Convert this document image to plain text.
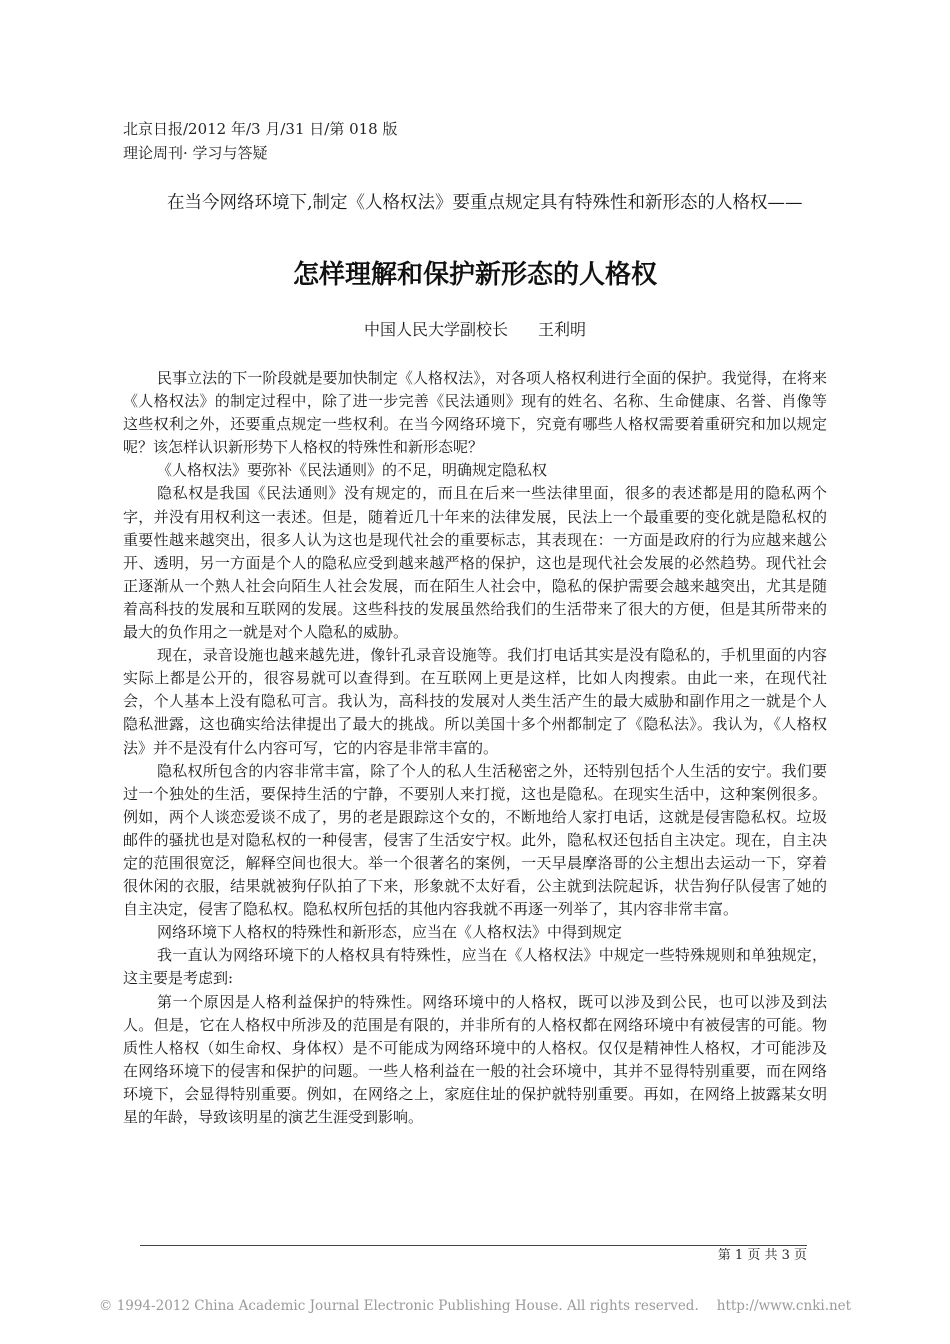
北京日报/2012 年/3 月/31 日/第 018 版
理论周刊· 学习与答疑
在当今网络环境下,制定《人格权法》要重点规定具有特殊性和新形态的人格权——
怎样理解和保护新形态的人格权
中国人民大学副校长 王利明

民事立法的下一阶段就是要加快制定《人格权法》，对各项人格权利进行全面的保护。我觉得，在将来《人格权法》的制定过程中，除了进一步完善《民法通则》现有的姓名、名称、生命健康、名誉、肖像等这些权利之外，还要重点规定一些权利。在当今网络环境下，究竟有哪些人格权需要着重研究和加以规定呢？该怎样认识新形势下人格权的特殊性和新形态呢？

《人格权法》要弥补《民法通则》的不足，明确规定隐私权

隐私权是我国《民法通则》没有规定的，而且在后来一些法律里面，很多的表述都是用的隐私两个字，并没有用权利这一表述。但是，随着近几十年来的法律发展，民法上一个最重要的变化就是隐私权的重要性越来越突出，很多人认为这也是现代社会的重要标志，其表现在：一方面是政府的行为应越来越公开、透明，另一方面是个人的隐私应受到越来越严格的保护，这也是现代社会发展的必然趋势。现代社会正逐渐从一个熟人社会向陌生人社会发展，而在陌生人社会中，隐私的保护需要会越来越突出，尤其是随着高科技的发展和互联网的发展。这些科技的发展虽然给我们的生活带来了很大的方便，但是其所带来的最大的负作用之一就是对个人隐私的威胁。

现在，录音设施也越来越先进，像针孔录音设施等。我们打电话其实是没有隐私的，手机里面的内容实际上都是公开的，很容易就可以查得到。在互联网上更是这样，比如人肉搜索。由此一来，在现代社会，个人基本上没有隐私可言。我认为，高科技的发展对人类生活产生的最大威胁和副作用之一就是个人隐私泄露，这也确实给法律提出了最大的挑战。所以美国十多个州都制定了《隐私法》。我认为，《人格权法》并不是没有什么内容可写，它的内容是非常丰富的。

隐私权所包含的内容非常丰富，除了个人的私人生活秘密之外，还特别包括个人生活的安宁。我们要过一个独处的生活，要保持生活的宁静，不要别人来打搅，这也是隐私。在现实生活中，这种案例很多。例如，两个人谈恋爱谈不成了，男的老是跟踪这个女的，不断地给人家打电话，这就是侵害隐私权。垃圾邮件的骚扰也是对隐私权的一种侵害，侵害了生活安宁权。此外，隐私权还包括自主决定。现在，自主决定的范围很宽泛，解释空间也很大。举一个很著名的案例，一天早晨摩洛哥的公主想出去运动一下，穿着很休闲的衣服，结果就被狗仔队拍了下来，形象就不太好看，公主就到法院起诉，状告狗仔队侵害了她的自主决定，侵害了隐私权。隐私权所包括的其他内容我就不再逐一列举了，其内容非常丰富。

网络环境下人格权的特殊性和新形态，应当在《人格权法》中得到规定

我一直认为网络环境下的人格权具有特殊性，应当在《人格权法》中规定一些特殊规则和单独规定，这主要是考虑到:

第一个原因是人格利益保护的特殊性。网络环境中的人格权，既可以涉及到公民，也可以涉及到法人。但是，它在人格权中所涉及的范围是有限的，并非所有的人格权都在网络环境中有被侵害的可能。物质性人格权（如生命权、身体权）是不可能成为网络环境中的人格权。仅仅是精神性人格权，才可能涉及在网络环境下的侵害和保护的问题。一些人格利益在一般的社会环境中，其并不显得特别重要，而在网络环境下，会显得特别重要。例如，在网络之上，家庭住址的保护就特别重要。再如，在网络上披露某女明星的年龄，导致该明星的演艺生涯受到影响。

第 1 页 共 3 页
© 1994-2012 China Academic Journal Electronic Publishing House. All rights reserved. http://www.cnki.net
